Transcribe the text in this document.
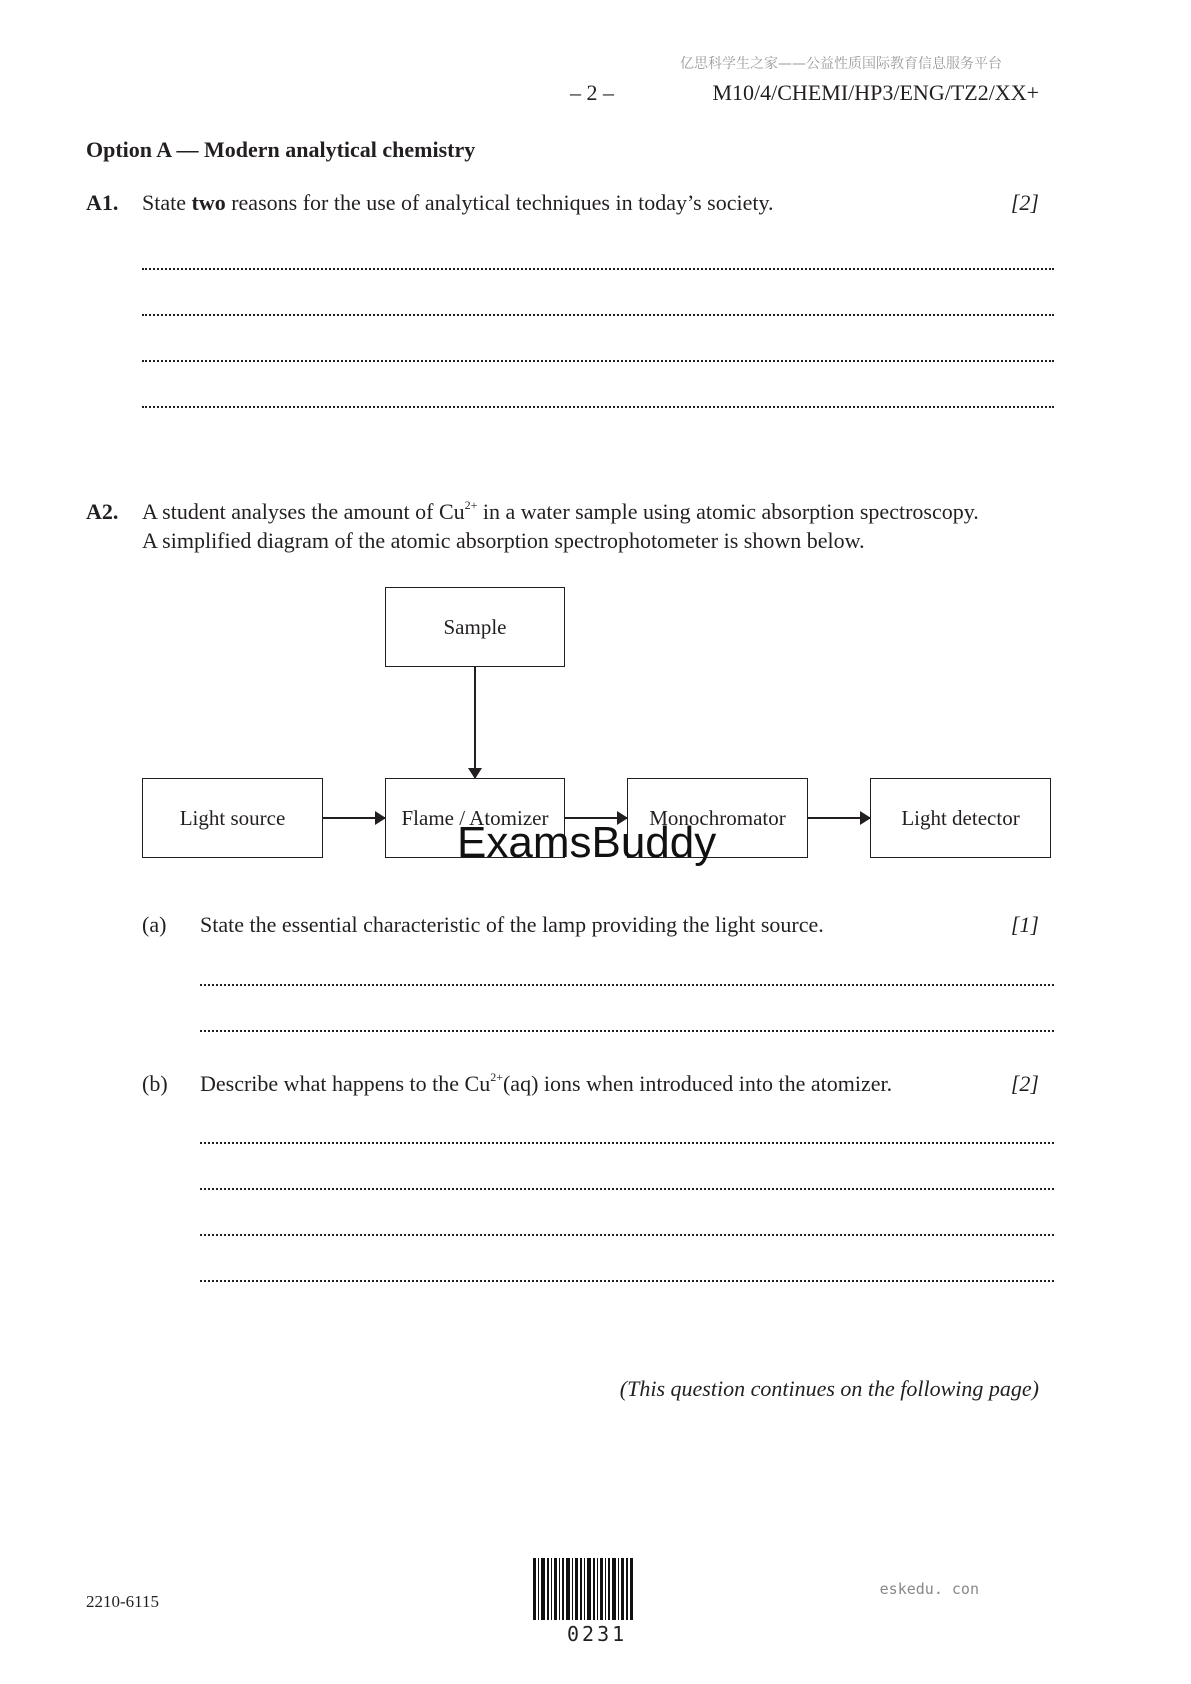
亿思科学生之家——公益性质国际教育信息服务平台
– 2 –	M10/4/CHEMI/HP3/ENG/TZ2/XX+
Option A — Modern analytical chemistry
A1. State two reasons for the use of analytical techniques in today’s society.	[2]
A2. A student analyses the amount of $Cu^{2+}$ in a water sample using atomic absorption spectroscopy.
A simplified diagram of the atomic absorption spectrophotometer is shown below.
Sample
Light source	Flame / Atomizer	Monochromator	Light detector
ExamsBuddy
(a) State the essential characteristic of the lamp providing the light source.	[1]
(b) Describe what happens to the $Cu^{2+}(aq)$ ions when introduced into the atomizer.	[2]
(This question continues on the following page)
2210-6115
eskedu. con
0231
